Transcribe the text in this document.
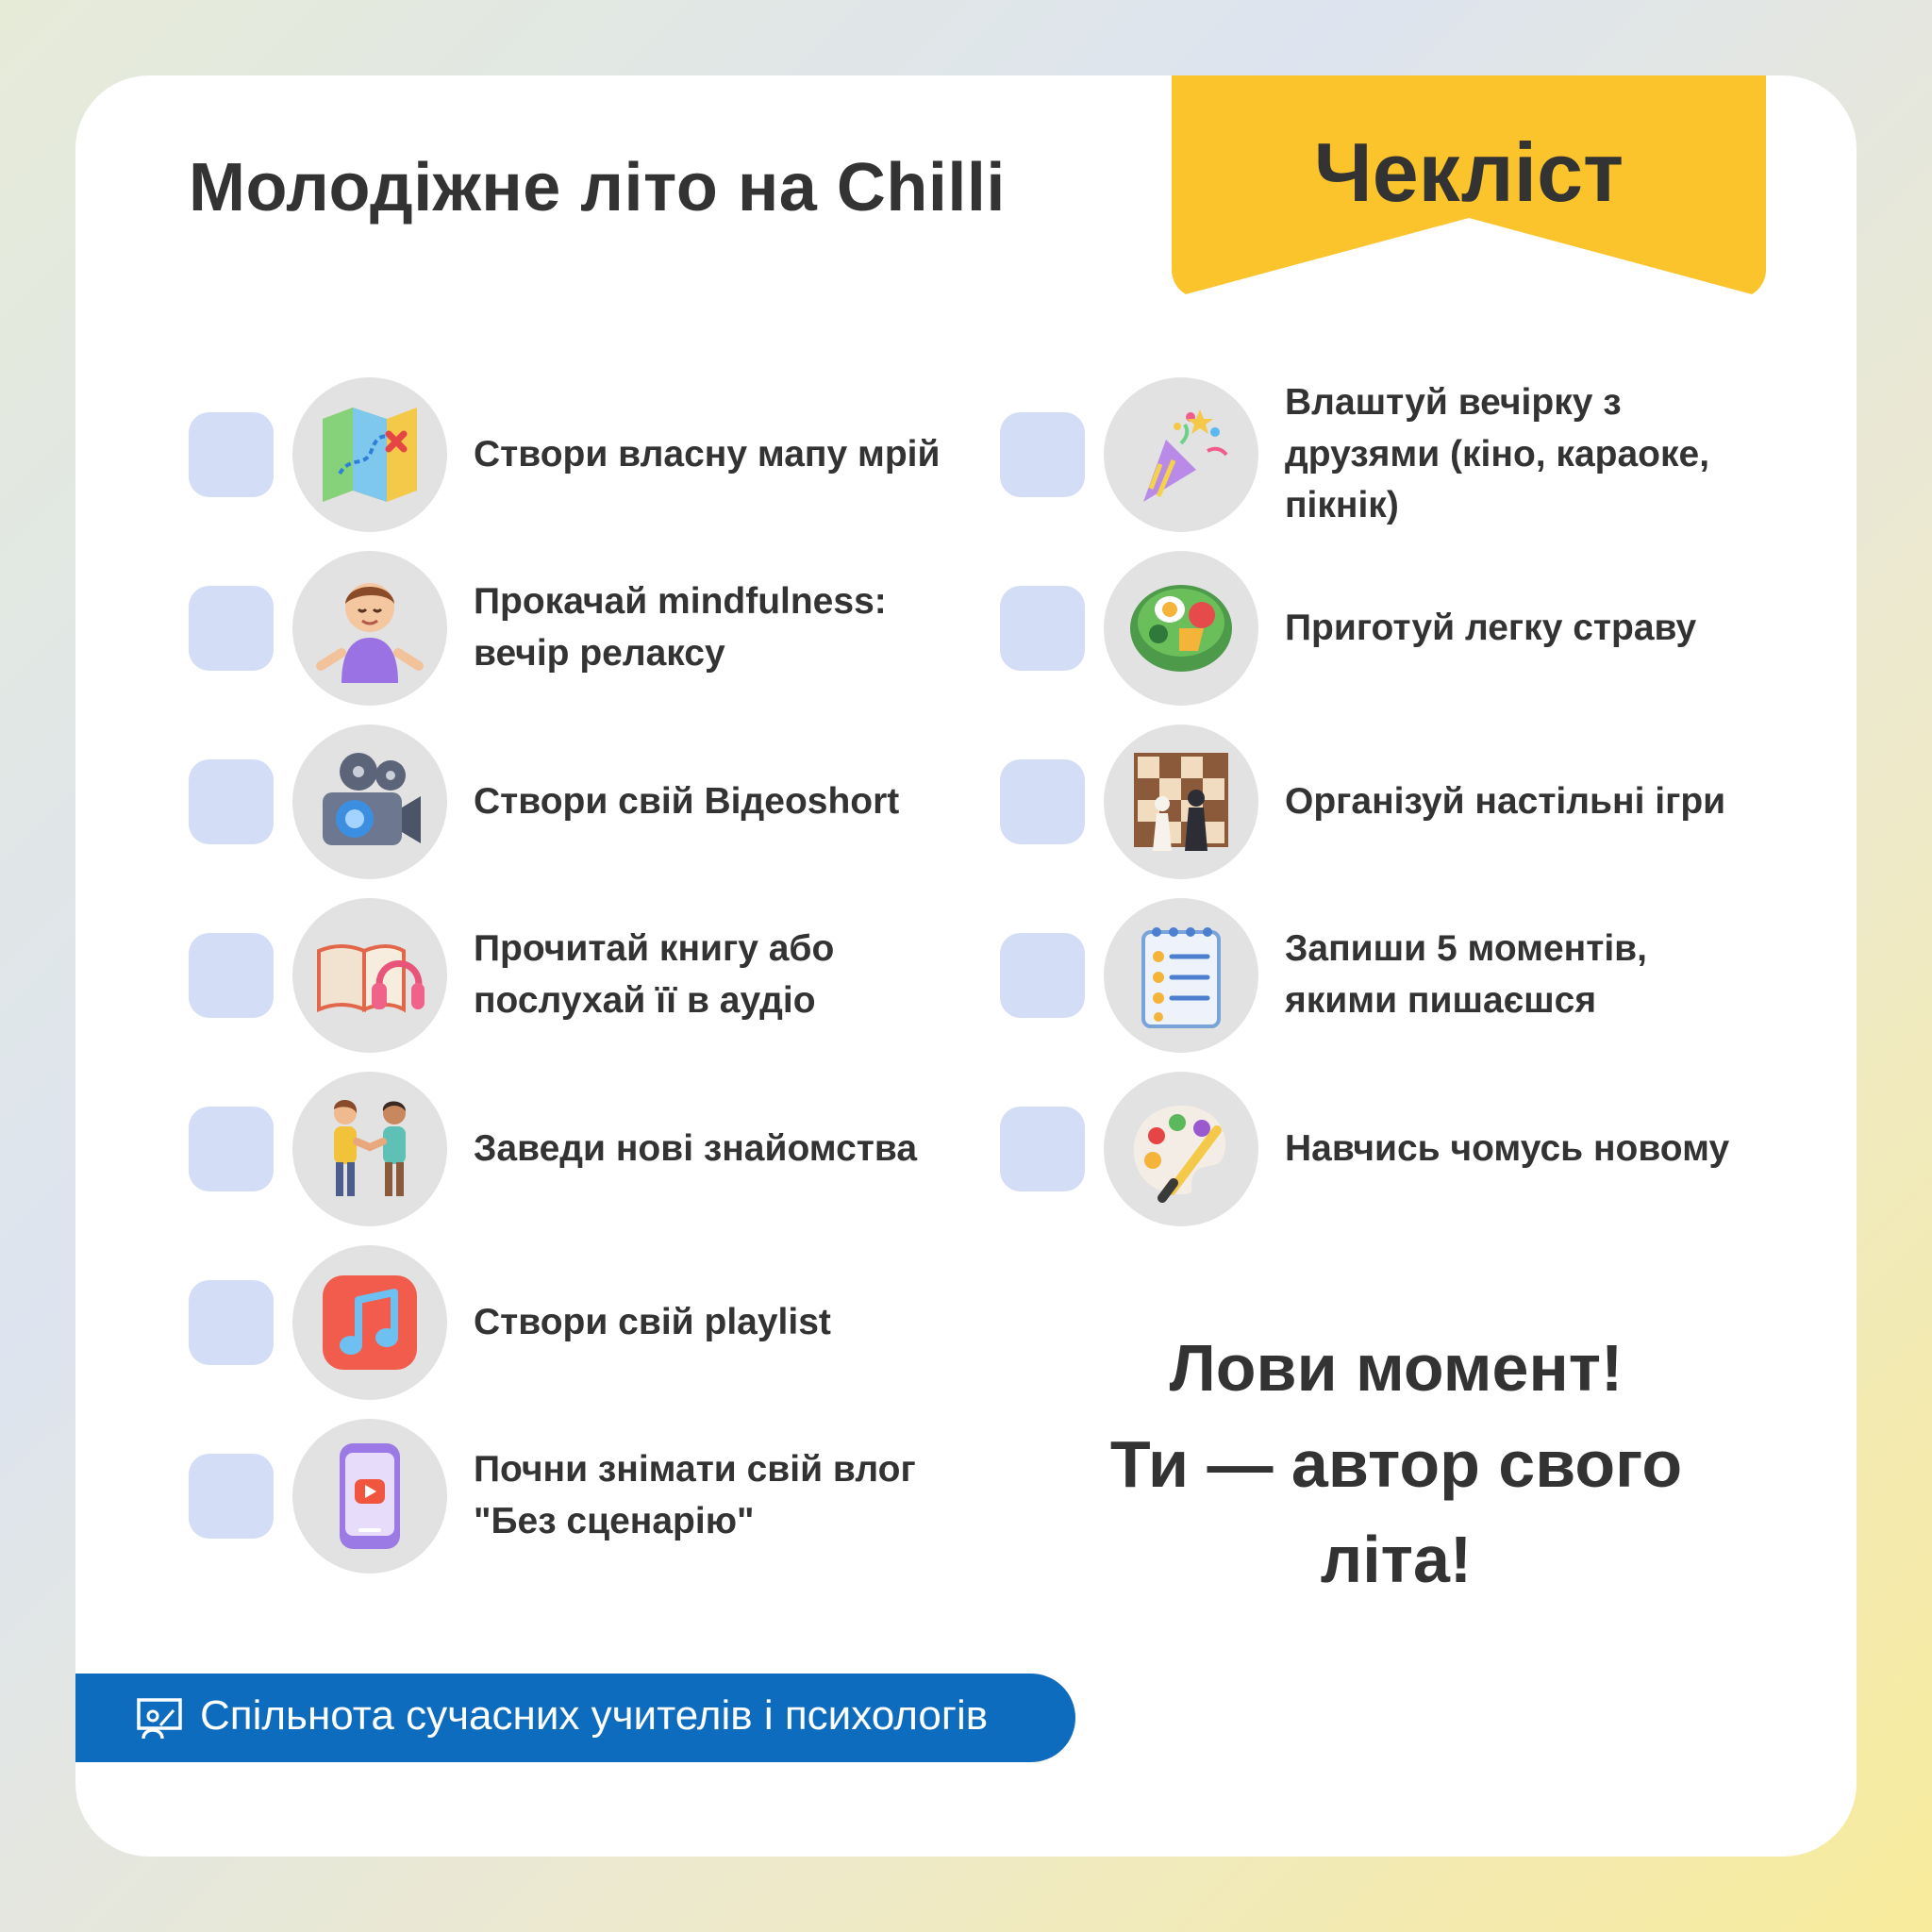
Молодіжне літо на Chilli	Чекліст
Створи власну мапу мрій
Прокачай mindfulness:
вечір релаксу
Створи свій Відеоshort
Прочитай книгу або
послухай її в аудіо
Заведи нові знайомства
Створи свій playlist
Почни знімати свій влог
"Без сценарію"
Влаштуй вечірку з
друзями (кіно, караоке,
пікнік)
Приготуй легку страву
Організуй настільні ігри
Запиши 5 моментів,
якими пишаєшся
Навчись чомусь новому
Лови момент!
Ти — автор свого
літа!
Спільнота сучасних учителів і психологів
